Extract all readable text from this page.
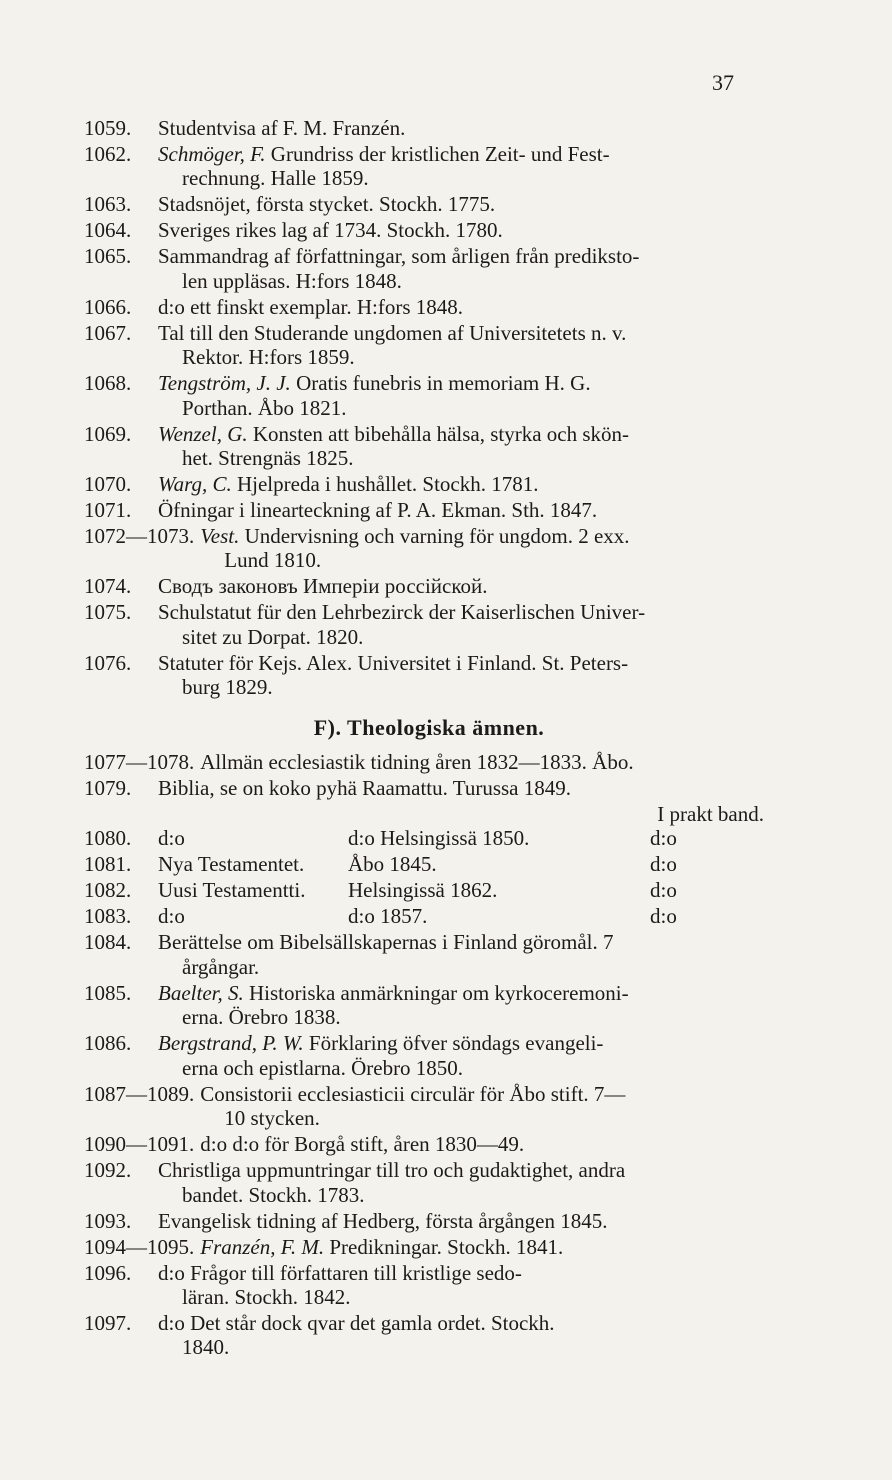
37
1059.	Studentvisa af F. M. Franzén.
1062.	Schmöger, F. Grundriss der kristlichen Zeit- und Fest-
rechnung. Halle 1859.
1063.	Stadsnöjet, första stycket. Stockh. 1775.
1064.	Sveriges rikes lag af 1734. Stockh. 1780.
1065.	Sammandrag af författningar, som årligen från predikstо-
len uppläsas. H:fors 1848.
1066.	d:o ett finskt exemplar. H:fors 1848.
1067.	Tal till den Studerande ungdomen af Universitetets n. v.
Rektor. H:fors 1859.
1068.	Tengström, J. J. Oratis funebris in memoriam H. G.
Porthan. Åbo 1821.
1069.	Wenzel, G. Konsten att bibehålla hälsa, styrka och skön-
het. Strengnäs 1825.
1070.	Warg, C. Hjelpreda i hushållet. Stockh. 1781.
1071.	Öfningar i linearteckning af P. A. Ekman. Sth. 1847.
1072—1073. Vest. Undervisning och varning för ungdom. 2 exx.
Lund 1810.
1074.	Сводъ законовъ Имперіи россійской.
1075.	Schulstatut für den Lehrbezirck der Kaiserlischen Univer-
sitet zu Dorpat. 1820.
1076.	Statuter för Kejs. Alex. Universitet i Finland. St. Peters-
burg 1829.
F). Theologiska ämnen.
1077—1078. Allmän ecclesiastik tidning åren 1832—1833. Åbo.
1079.	Biblia, se on koko pyhä Raamattu. Turussa 1849.
I prakt band.
1080.	d:o	d:o Helsingissä 1850.	d:o
1081.	Nya Testamentet.	Åbo 1845.	d:o
1082.	Uusi Testamentti.	Helsingissä 1862.	d:o
1083.	d:o	d:o 1857.	d:o
1084.	Berättelse om Bibelsällskapernas i Finland göromål. 7
årgångar.
1085.	Baelter, S. Historiska anmärkningar om kyrkoceremoni-
erna. Örebro 1838.
1086.	Bergstrand, P. W. Förklaring öfver söndags evangeli-
erna och epistlarna. Örebro 1850.
1087—1089. Consistorii ecclesiasticii circulär för Åbo stift. 7—
10 stycken.
1090—1091. d:o d:o för Borgå stift, åren 1830—49.
1092.	Christliga uppmuntringar till tro och gudaktighet, andra
bandet. Stockh. 1783.
1093.	Evangelisk tidning af Hedberg, första årgången 1845.
1094—1095. Franzén, F. M. Predikningar. Stockh. 1841.
1096.	d:o Frågor till författaren till kristlige sedo-
läran. Stockh. 1842.
1097.	d:o Det står dock qvar det gamla ordet. Stockh.
1840.
